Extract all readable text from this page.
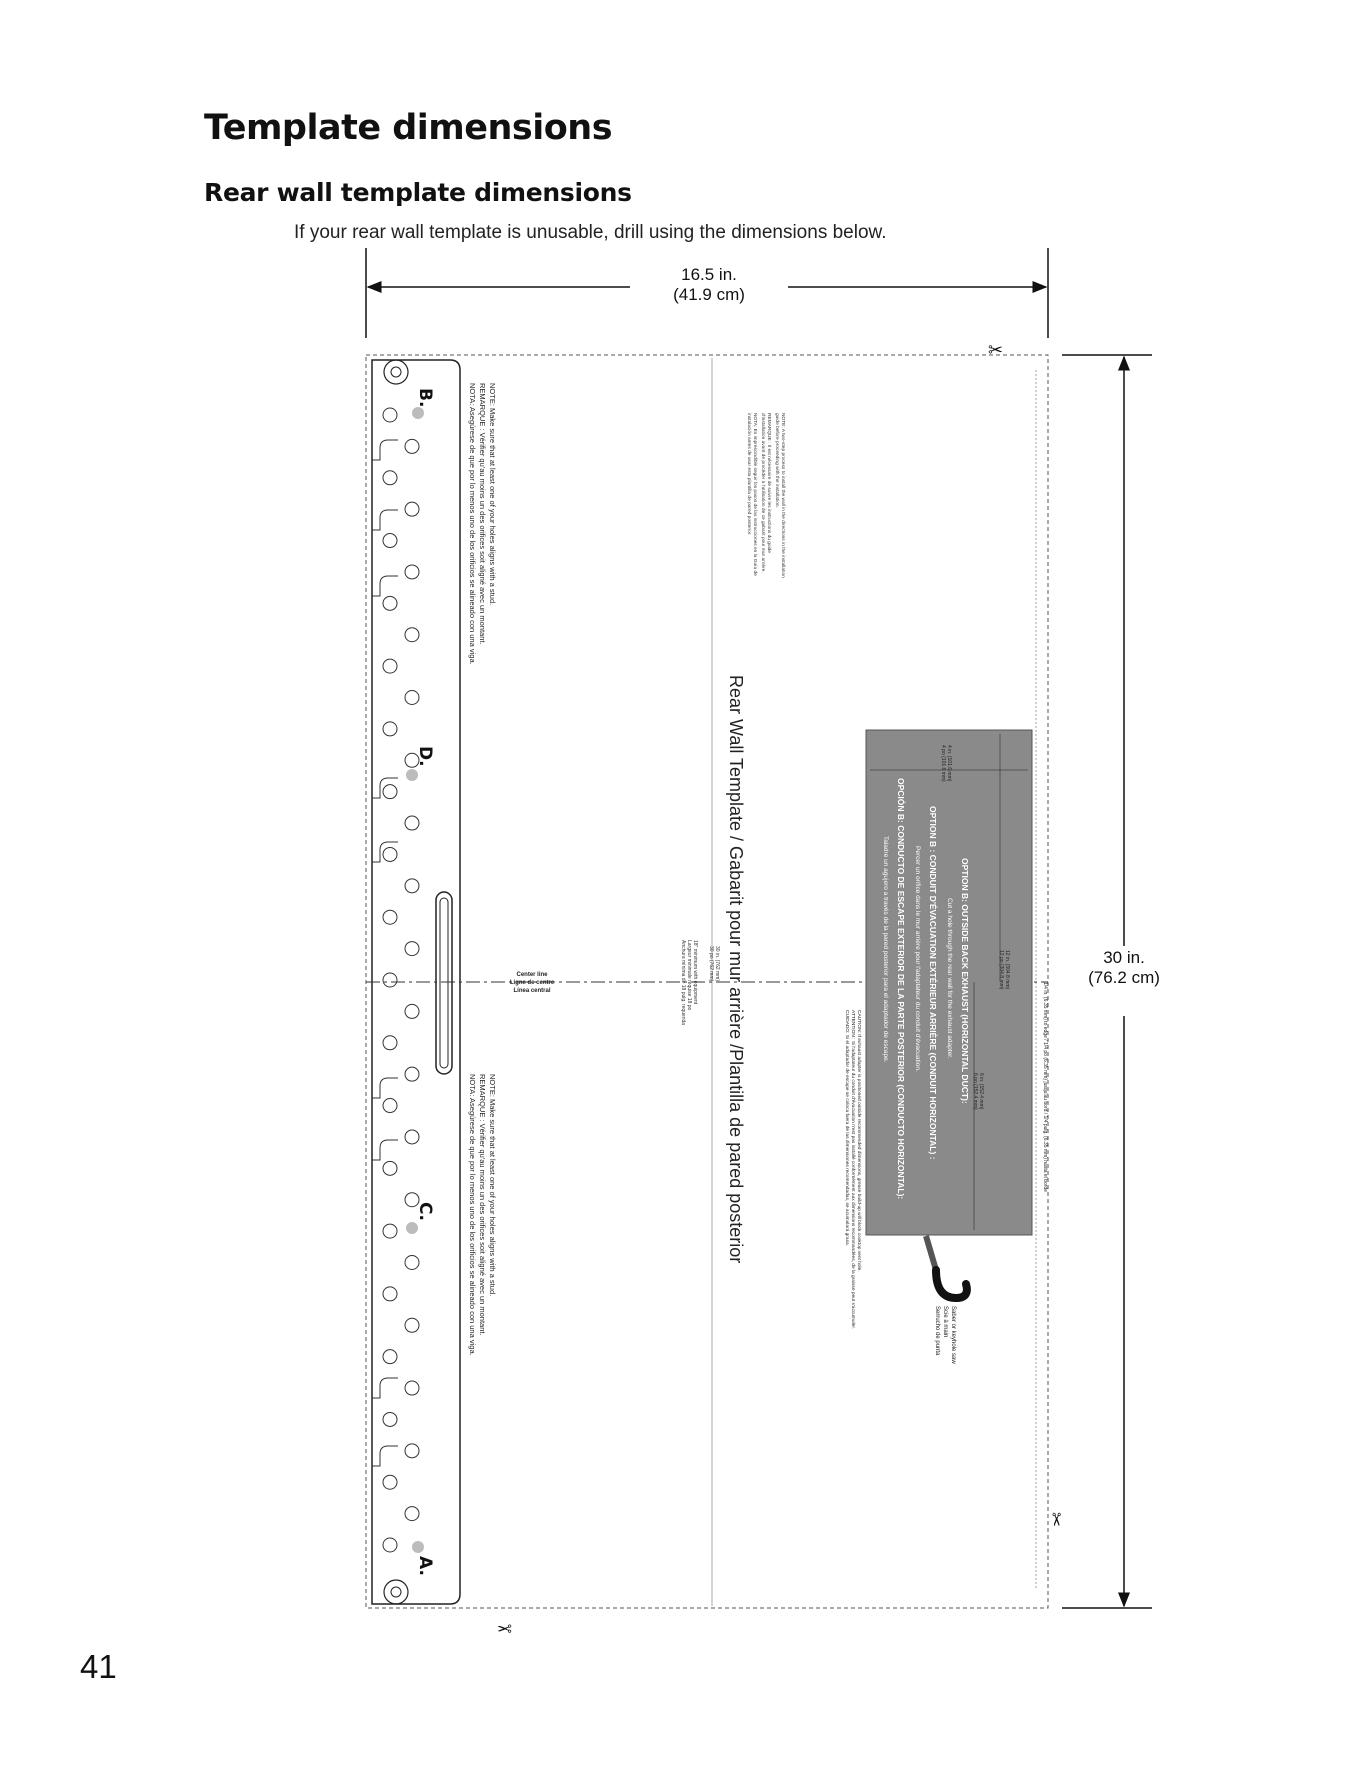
Template dimensions
Rear wall template dimensions
If your rear wall template is unusable, drill using the dimensions below.
✂
✂
✂
Rear Wall Template / Gabarit pour mur arrière /Plantilla de pared posterior
B.
D.
C.
A.
NOTE: Make sure that at least one of your holes aligns with a stud.
REMARQUE : Vérifier qu'au moins un des orifices soit aligné avec un montant.
NOTA: Asegúrese de que por lo menos uno de los orificios se alineado con una viga.
NOTE: Make sure that at least one of your holes aligns with a stud.
REMARQUE : Vérifier qu'au moins un des orifices soit aligné avec un montant.
NOTA: Asegúrese de que por lo menos uno de los orificios se alineado con una viga.
Center line
Ligne de centre
Línea central
NOTE: A two-step process to install the wall in the directions in the installation
guide before proceeding with the installation.
REMARQUE : Il est nécessaire de suivre les instructions du guide
d'installation avant de procéder à l'utilisation de ce gabarit pour mur arrière.
NOTA: Es imprescindible seguir los pasos de las instrucciones en la Guía de
instalación antes de usar esta plantilla de pared posterior.
30 in. (762 mm)
30 po (762 mm)
18" minimum with equipment
Largeur minimale requise 18 po
Anchura mínima de 18 pulg. requerida	OPTION B: OUTSIDE BACK EXHAUST (HORIZONTAL DUCT):
Cut a hole through the rear wall for the exhaust adapter.
OPTION B : CONDUIT D'ÉVACUATION EXTÉRIEUR ARRIÈRE (CONDUIT HORIZONTAL) :
Percer un orifice dans le mur arrière pour l'adaptateur du conduit d'évacuation.
OPCIÓN B: CONDUCTO DE ESCAPE EXTERIOR DE LA PARTE POSTERIOR (CONDUCTO HORIZONTAL):
Taladre un agujero a través de la pared posterior para el adaptador de escape.
4 in. (101.6 mm)
4 po (101.6 mm)
12 in. (304.8 mm)
12 po (304.8 mm)
6 in. (152.4 mm)
6 po (152.4 mm)
CAUTION: If exhaust adapter is positioned outside recommended dimensions, grease build-up will block cooktop vent hole.
ATTENTION : Si l'adaptateur du conduit d'évacuation n'est pas installé conformément aux dimensions recommandées, de la graisse peut s'accumuler.
CUIDADO: Si el adaptador de escape se coloca fuera de las dimensiones recomendadas, se acumulará grasa.	1/4 in. (6.35 mm) to edge / 1/4 po (6.35 mm) jusqu'au bord / 1/4 pulg. (6.35 mm) hasta el borde
Saber or keyhole saw
Scie à main
Serrucho de punta
16.5 in.
(41.9 cm)
30 in.
(76.2 cm)
41
